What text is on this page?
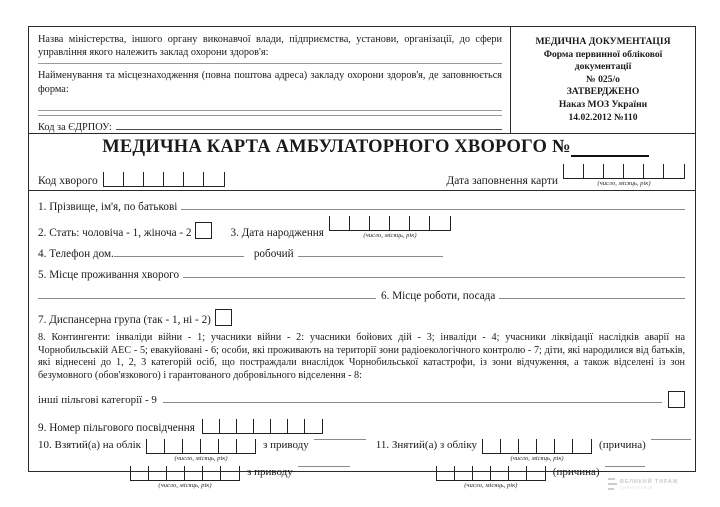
Назва міністерства, іншого органу виконавчої влади, підприємства, установи, організації, до сфери управління якого належить заклад охорони здоров'я:

Найменування та місцезнаходження (повна поштова адреса) закладу охорони здоров'я, де заповнюється форма:

Код за ЄДРПОУ:
МЕДИЧНА ДОКУМЕНТАЦІЯ
Форма первинної облікової
документації
№ 025/о
ЗАТВЕРДЖЕНО
Наказ МОЗ України
14.02.2012 №110
МЕДИЧНА КАРТА АМБУЛАТОРНОГО ХВОРОГО №
Код хворого	Дата заповнення карти	(число, місяць, рік)
1. Прізвище, ім'я, по батькові
2. Стать: чоловіча - 1, жіноча - 2	3. Дата народження	(число, місяць, рік)
4. Телефон дом.	робочий
5. Місце проживання хворого
6. Місце роботи, посада
7. Диспансерна група (так - 1, ні - 2)
8. Контингенти: інваліди війни - 1; учасники війни - 2: учасники бойових дій - 3; інваліди - 4; учасники ліквідації наслідків аварії на Чорнобильській АЕС - 5; евакуйовані - 6; особи, які проживають на території зони радіоекологічного контролю - 7; діти, які народилися від батьків, які віднесені до 1, 2, 3 категорій осіб, що постраждали внаслідок Чорнобильської катастрофи, із зони відчуження, а також відселені із зон безумовного (обов'язкового) і гарантованого добровільного відселення - 8:
інші пільгові категорії - 9
9. Номер пільгового посвідчення
10. Взятий(а) на облік
(число, місяць, рік)
з приводу	11. Знятий(а) з обліку
(число, місяць, рік)
(причина)
(число, місяць, рік)
з приводу
(число, місяць, рік)
(причина)
ВЕЛИКИЙ ТИРАЖ
ТИПОГРАФІЯ
